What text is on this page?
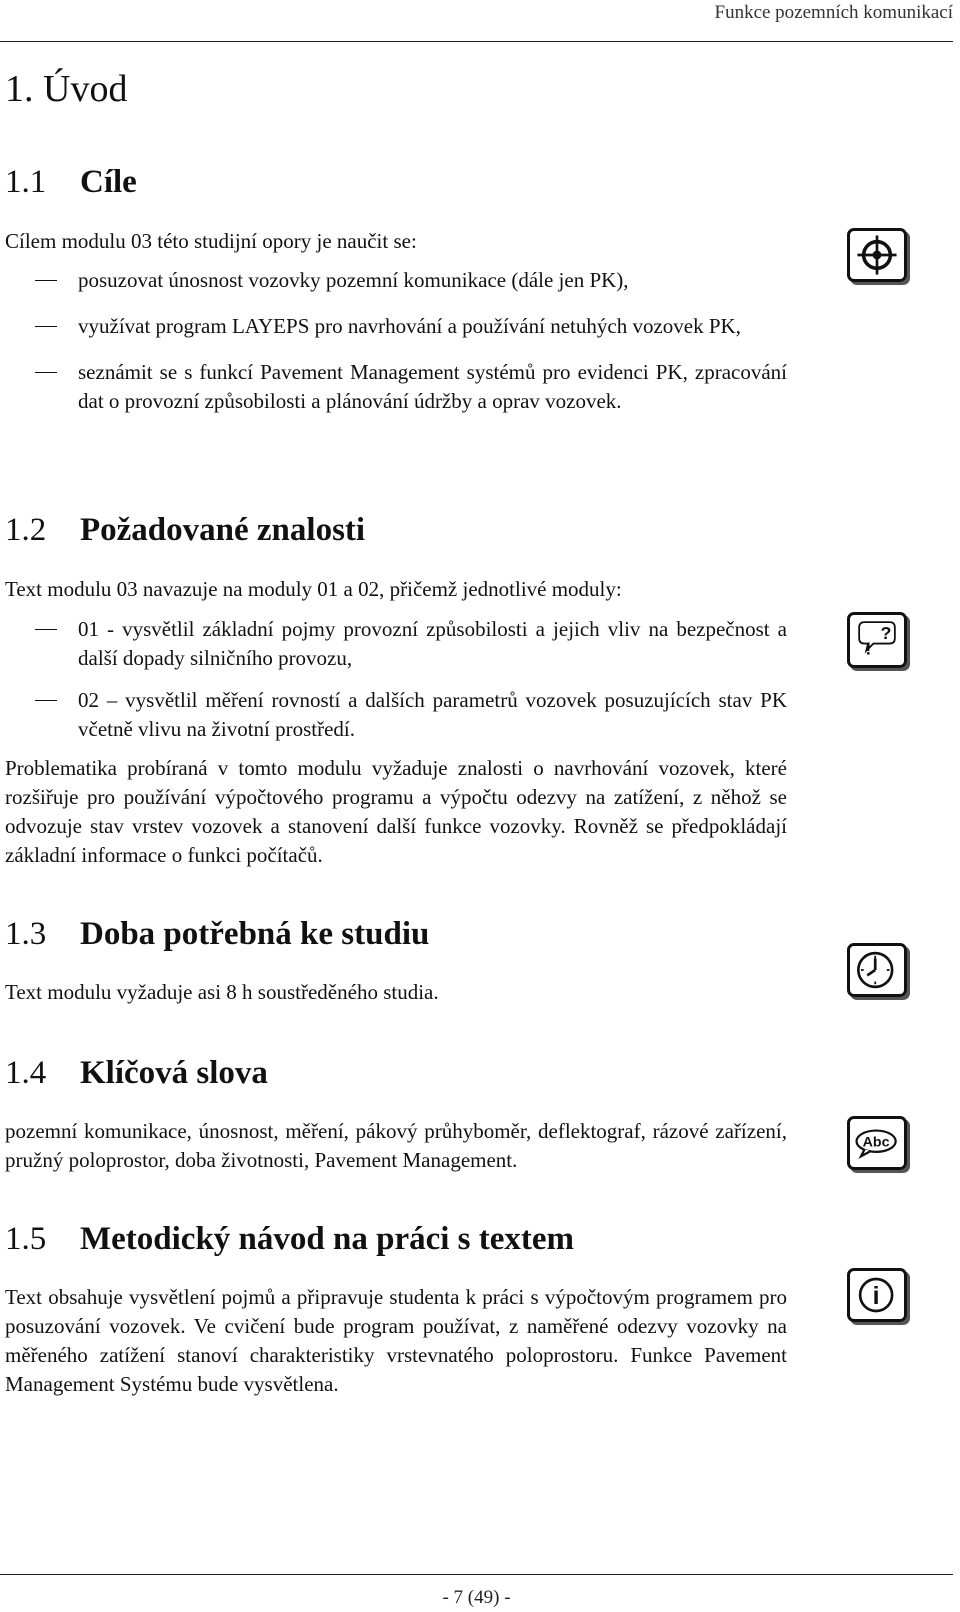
Funkce pozemních komunikací
1. Úvod
1.1 Cíle

Cílem modulu 03 této studijní opory je naučit se:

posuzovat únosnost vozovky pozemní komunikace (dále jen PK),
využívat program LAYEPS pro navrhování a používání netuhých vozovek PK,
seznámit se s funkcí Pavement Management systémů pro evidenci PK, zpracování dat o provozní způsobilosti a plánování údržby a oprav vozovek.
1.2 Požadované znalosti

Text modulu 03 navazuje na moduly 01 a 02, přičemž jednotlivé moduly:

01 - vysvětlil základní pojmy provozní způsobilosti a jejich vliv na bezpečnost a další dopady silničního provozu,
02 – vysvětlil měření rovností a dalších parametrů vozovek posuzujících stav PK včetně vlivu na životní prostředí.

Problematika probíraná v tomto modulu vyžaduje znalosti o navrhování vozovek, které rozšiřuje pro používání výpočtového programu a výpočtu odezvy na zatížení, z něhož se odvozuje stav vrstev vozovek a stanovení další funkce vozovky. Rovněž se předpokládají základní informace o funkci počítačů.

1.3 Doba potřebná ke studiu

Text modulu vyžaduje asi 8 h soustředěného studia.

1.4 Klíčová slova

pozemní komunikace, únosnost, měření, pákový průhyboměr, deflektograf, rázové zařízení, pružný poloprostor, doba životnosti, Pavement Management.

1.5 Metodický návod na práci s textem

Text obsahuje vysvětlení pojmů a připravuje studenta k práci s výpočtovým programem pro posuzování vozovek. Ve cvičení bude program používat, z naměřené odezvy vozovky na měřeného zatížení stanoví charakteristiky vrstevnatého poloprostoru. Funkce Pavement Management Systému bude vysvětlena.

?
!
Abc
i
- 7 (49) -
